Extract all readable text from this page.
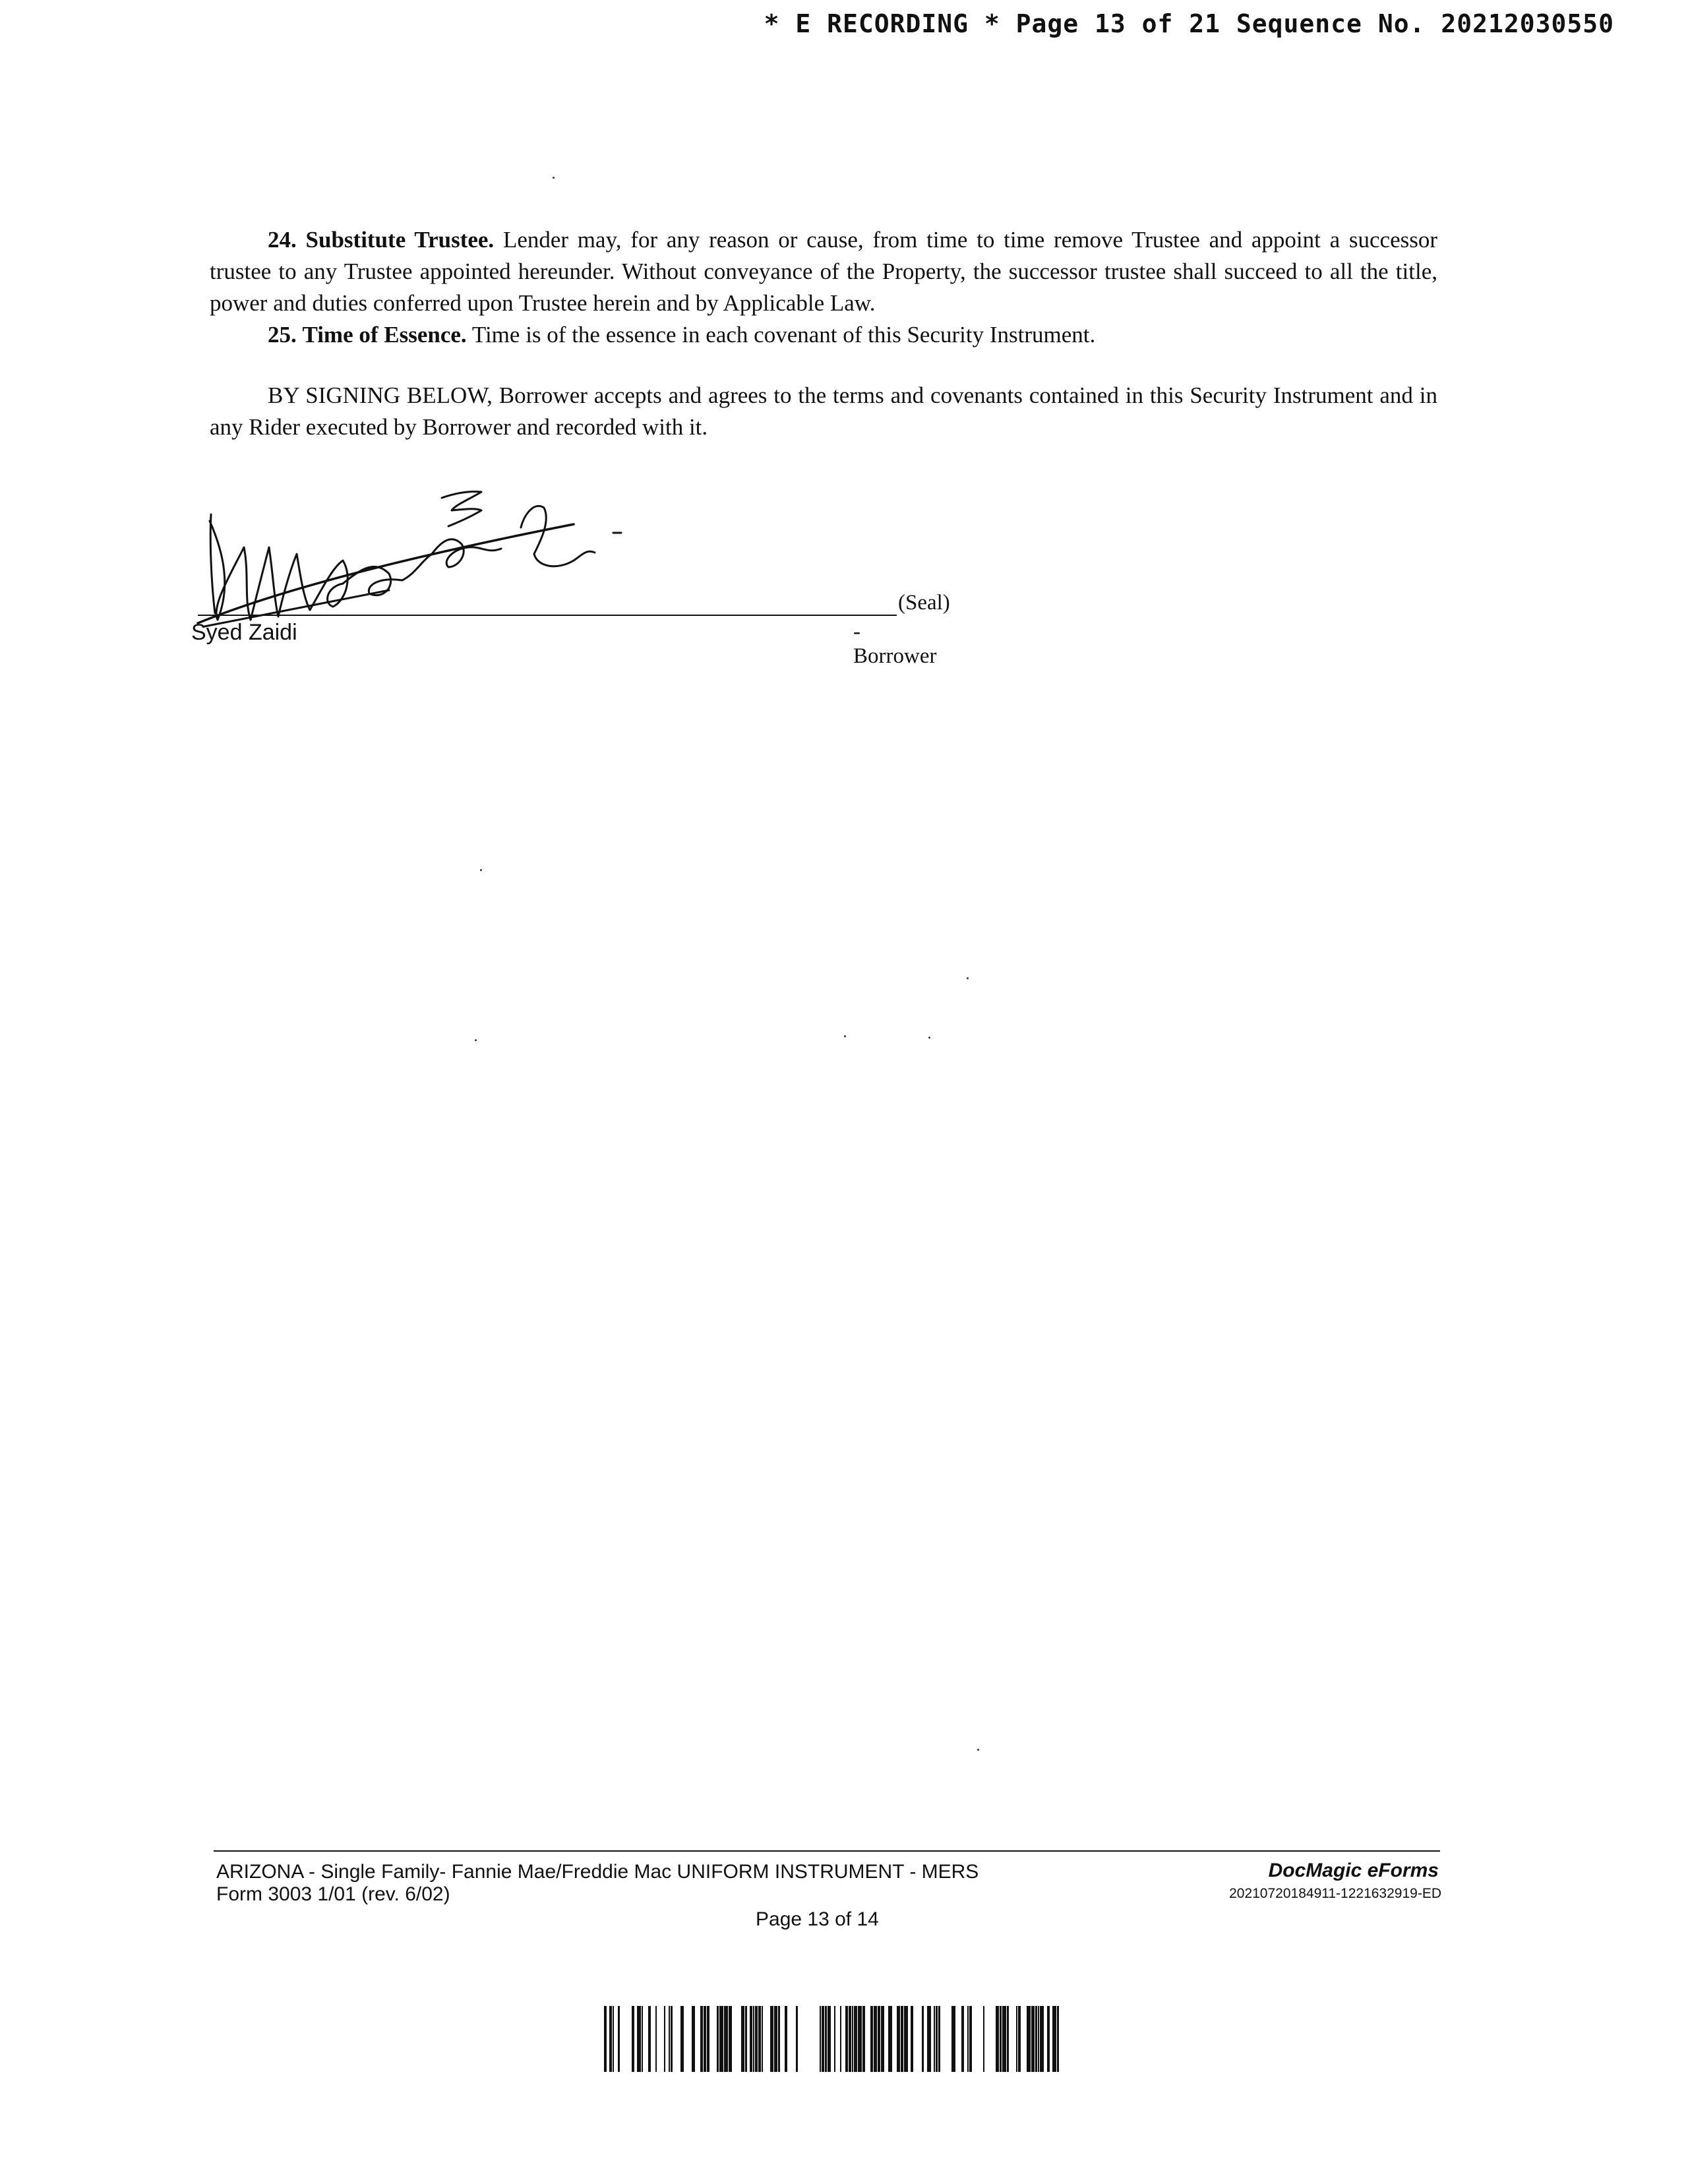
* E RECORDING * Page 13 of 21 Sequence No. 20212030550

24. Substitute Trustee. Lender may, for any reason or cause, from time to time remove Trustee and appoint a successor trustee to any Trustee appointed hereunder. Without conveyance of the Property, the successor trustee shall succeed to all the title, power and duties conferred upon Trustee herein and by Applicable Law.

25. Time of Essence. Time is of the essence in each covenant of this Security Instrument.

BY SIGNING BELOW, Borrower accepts and agrees to the terms and covenants contained in this Security Instrument and in any Rider executed by Borrower and recorded with it.

(Seal)
Syed Zaidi	-Borrower
ARIZONA - Single Family- Fannie Mae/Freddie Mac UNIFORM INSTRUMENT - MERS
Form 3003 1/01 (rev. 6/02)
Page 13 of 14
DocMagic eForms
20210720184911-1221632919-ED
